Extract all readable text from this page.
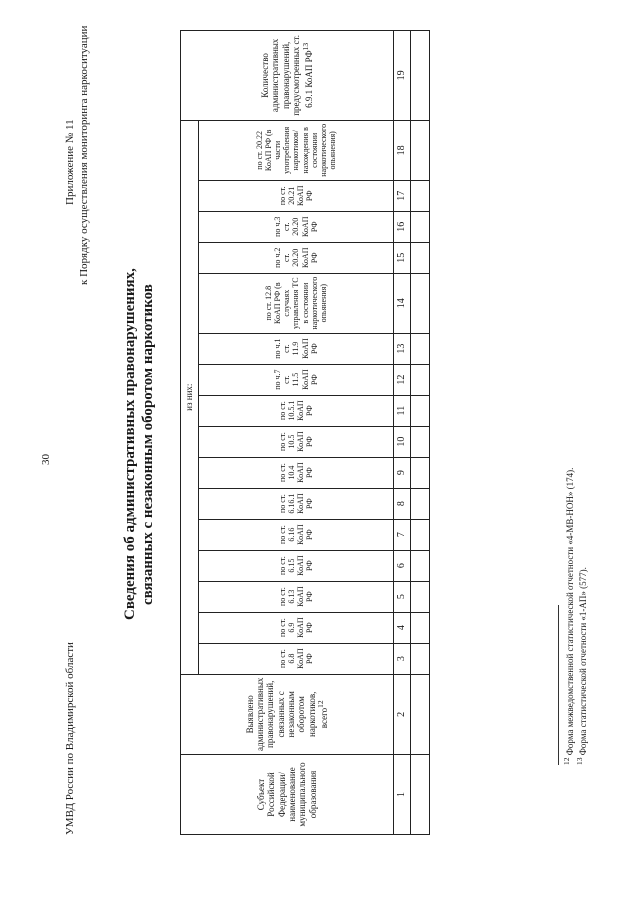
30
УМВД России по Владимирской области
Приложение № 11 к Порядку осуществления мониторинга наркоситуации
Сведения об административных правонарушениях, связанных с незаконным оборотом наркотиков
Субъект Российской Федерации/ наименование муниципального образования	Выявлено административных правонарушений, связанных с незаконным оборотом наркотиков, всего$^{12}$	из них:																Количество административных правонарушений, предусмотренных ст. 6.9.1 КоАП РФ$^{13}$
		по ст. 6.8 КоАП РФ	по ст. 6.9 КоАП РФ	по ст. 6.13 КоАП РФ	по ст. 6.15 КоАП РФ	по ст. 6.16 КоАП РФ	по ст. 6.16.1 КоАП РФ	по ст. 10.4 КоАП РФ	по ст. 10.5 КоАП РФ	по ст. 10.5.1 КоАП РФ	по ч.7 ст. 11.5 КоАП РФ	по ч.1 ст. 11.9 КоАП РФ	по ст. 12.8 КоАП РФ (в случаях управления ТС в состоянии наркотического опьянения)	по ч.2 ст. 20.20 КоАП РФ	по ч.3 ст. 20.20 КоАП РФ	по ст. 20.21 КоАП РФ	по ст. 20.22 КоАП РФ (в части употребления наркотиков/нахождения в состоянии наркотического опьянения)	
1	2	3	4	5	6	7	8	9	10	11	12	13	14	15	16	17	18	19

$^{12}$ Форма межведомственной статистической отчетности «4-МВ-НОН» (174).
$^{13}$ Форма статистической отчетности «1-АП» (577).
